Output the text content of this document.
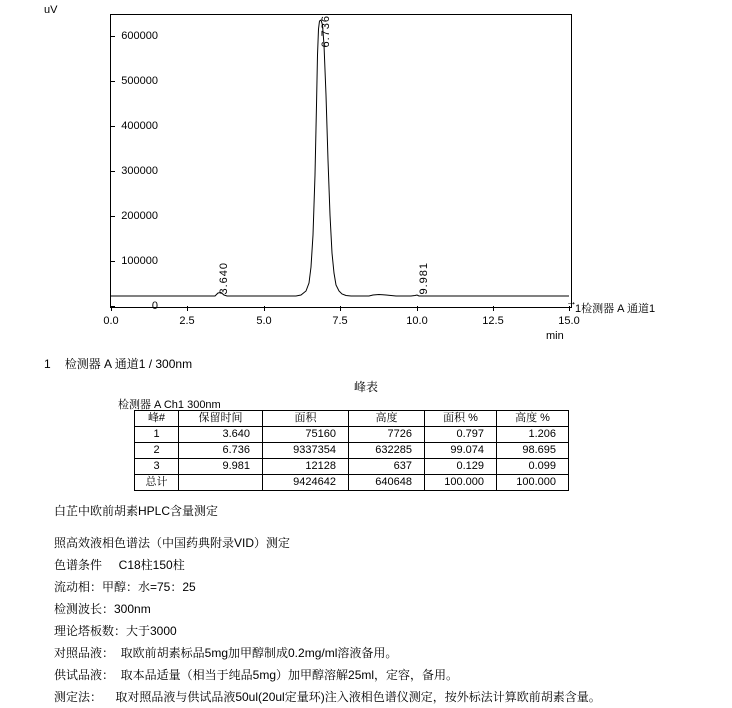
uV
0
100000
200000
300000
400000
500000
600000
0.0	2.5	5.0	7.5	10.0	12.5	15.0
min
3.640
6.736
9.981
→
1检测器 A 通道1
1 检测器 A 通道1 / 300nm
峰表
检测器 A Ch1 300nm
峰#	保留时间	面积	高度	面积 %	高度 %
1	3.640	75160	7726	0.797	1.206
2	6.736	9337354	632285	99.074	98.695
3	9.981	12128	637	0.129	0.099
总计		9424642	640648	100.000	100.000
白芷中欧前胡素HPLC含量测定
照高效液相色谱法（中国药典附录VID）测定
色谱条件     C18柱150柱
流动相：甲醇：水=75：25
检测波长：300nm
理论塔板数：大于3000
对照品液：  取欧前胡素标品5mg加甲醇制成0.2mg/ml溶液备用。
供试品液：  取本品适量（相当于纯品5mg）加甲醇溶解25ml，定容，备用。
测定法：    取对照品液与供试品液50ul(20ul定量环)注入液相色谱仪测定，按外标法计算欧前胡素含量。
